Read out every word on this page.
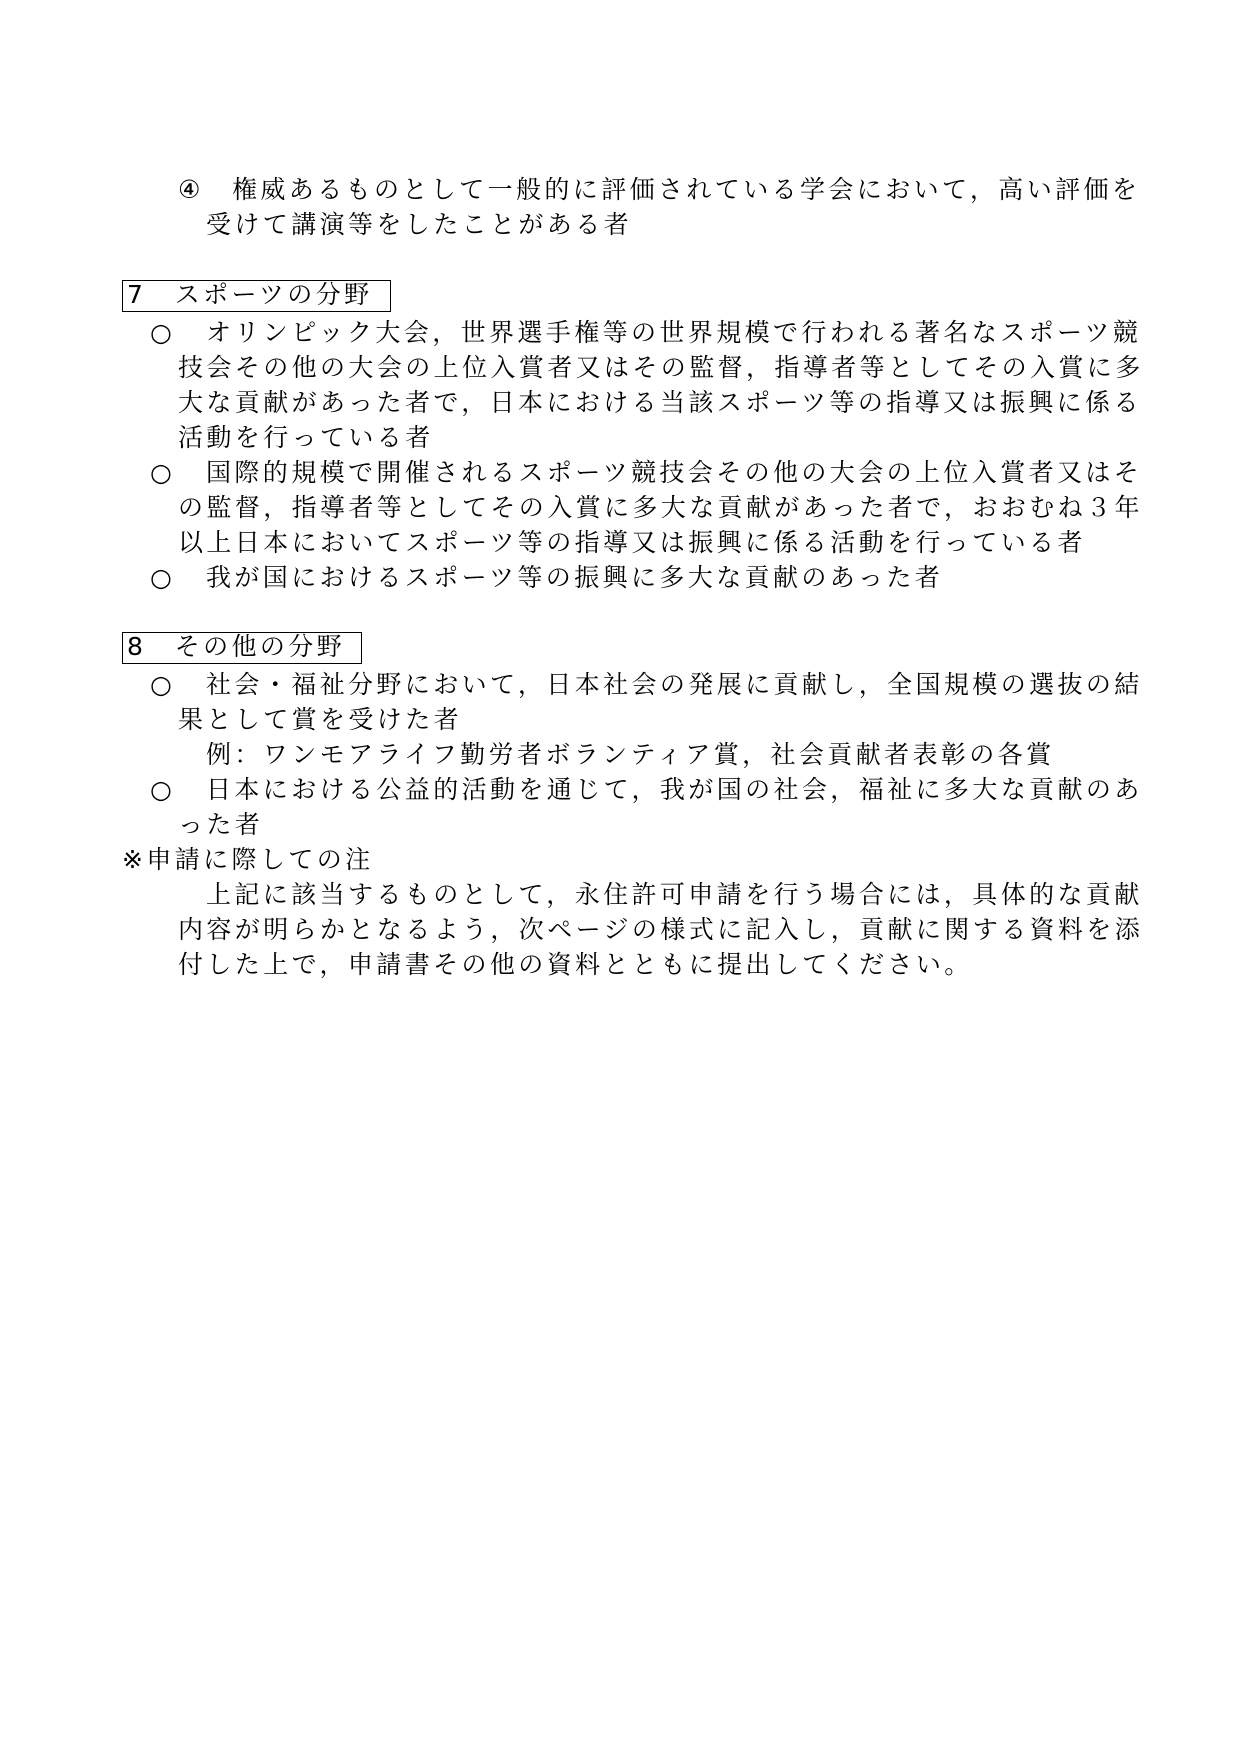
④ 権威あるものとして一般的に評価されている学会において，高い評価を
受けて講演等をしたことがある者
7　スポーツの分野
○ オリンピック大会，世界選手権等の世界規模で行われる著名なスポーツ競
技会その他の大会の上位入賞者又はその監督，指導者等としてその入賞に多
大な貢献があった者で，日本における当該スポーツ等の指導又は振興に係る
活動を行っている者
○ 国際的規模で開催されるスポーツ競技会その他の大会の上位入賞者又はそ
の監督，指導者等としてその入賞に多大な貢献があった者で，おおむね３年
以上日本においてスポーツ等の指導又は振興に係る活動を行っている者
○ 我が国におけるスポーツ等の振興に多大な貢献のあった者
8　その他の分野
○ 社会・福祉分野において，日本社会の発展に貢献し，全国規模の選抜の結
果として賞を受けた者
例：ワンモアライフ勤労者ボランティア賞，社会貢献者表彰の各賞
○ 日本における公益的活動を通じて，我が国の社会，福祉に多大な貢献のあ
った者
※申請に際しての注
上記に該当するものとして，永住許可申請を行う場合には，具体的な貢献
内容が明らかとなるよう，次ページの様式に記入し，貢献に関する資料を添
付した上で，申請書その他の資料とともに提出してください。
